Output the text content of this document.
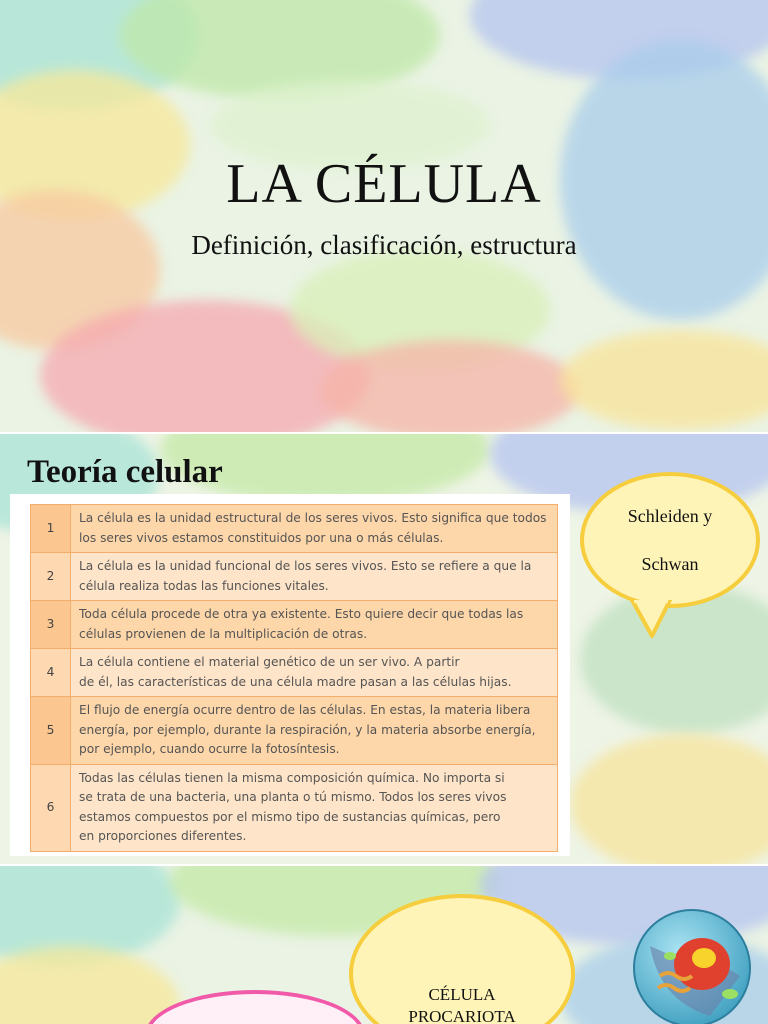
LA CÉLULA
Definición, clasificación, estructura
Teoría celular
1	La célula es la unidad estructural de los seres vivos. Esto significa que todos
los seres vivos estamos constituidos por una o más células.
2	La célula es la unidad funcional de los seres vivos. Esto se refiere a que la
célula realiza todas las funciones vitales.
3	Toda célula procede de otra ya existente. Esto quiere decir que todas las
células provienen de la multiplicación de otras.
4	La célula contiene el material genético de un ser vivo. A partir
de él, las características de una célula madre pasan a las células hijas.
5	El flujo de energía ocurre dentro de las células. En estas, la materia libera
energía, por ejemplo, durante la respiración, y la materia absorbe energía,
por ejemplo, cuando ocurre la fotosíntesis.
6	Todas las células tienen la misma composición química. No importa si
se trata de una bacteria, una planta o tú mismo. Todos los seres vivos
estamos compuestos por el mismo tipo de sustancias químicas, pero
en proporciones diferentes.
Schleiden y

Schwan
CÉLULA
PROCARIOTA
